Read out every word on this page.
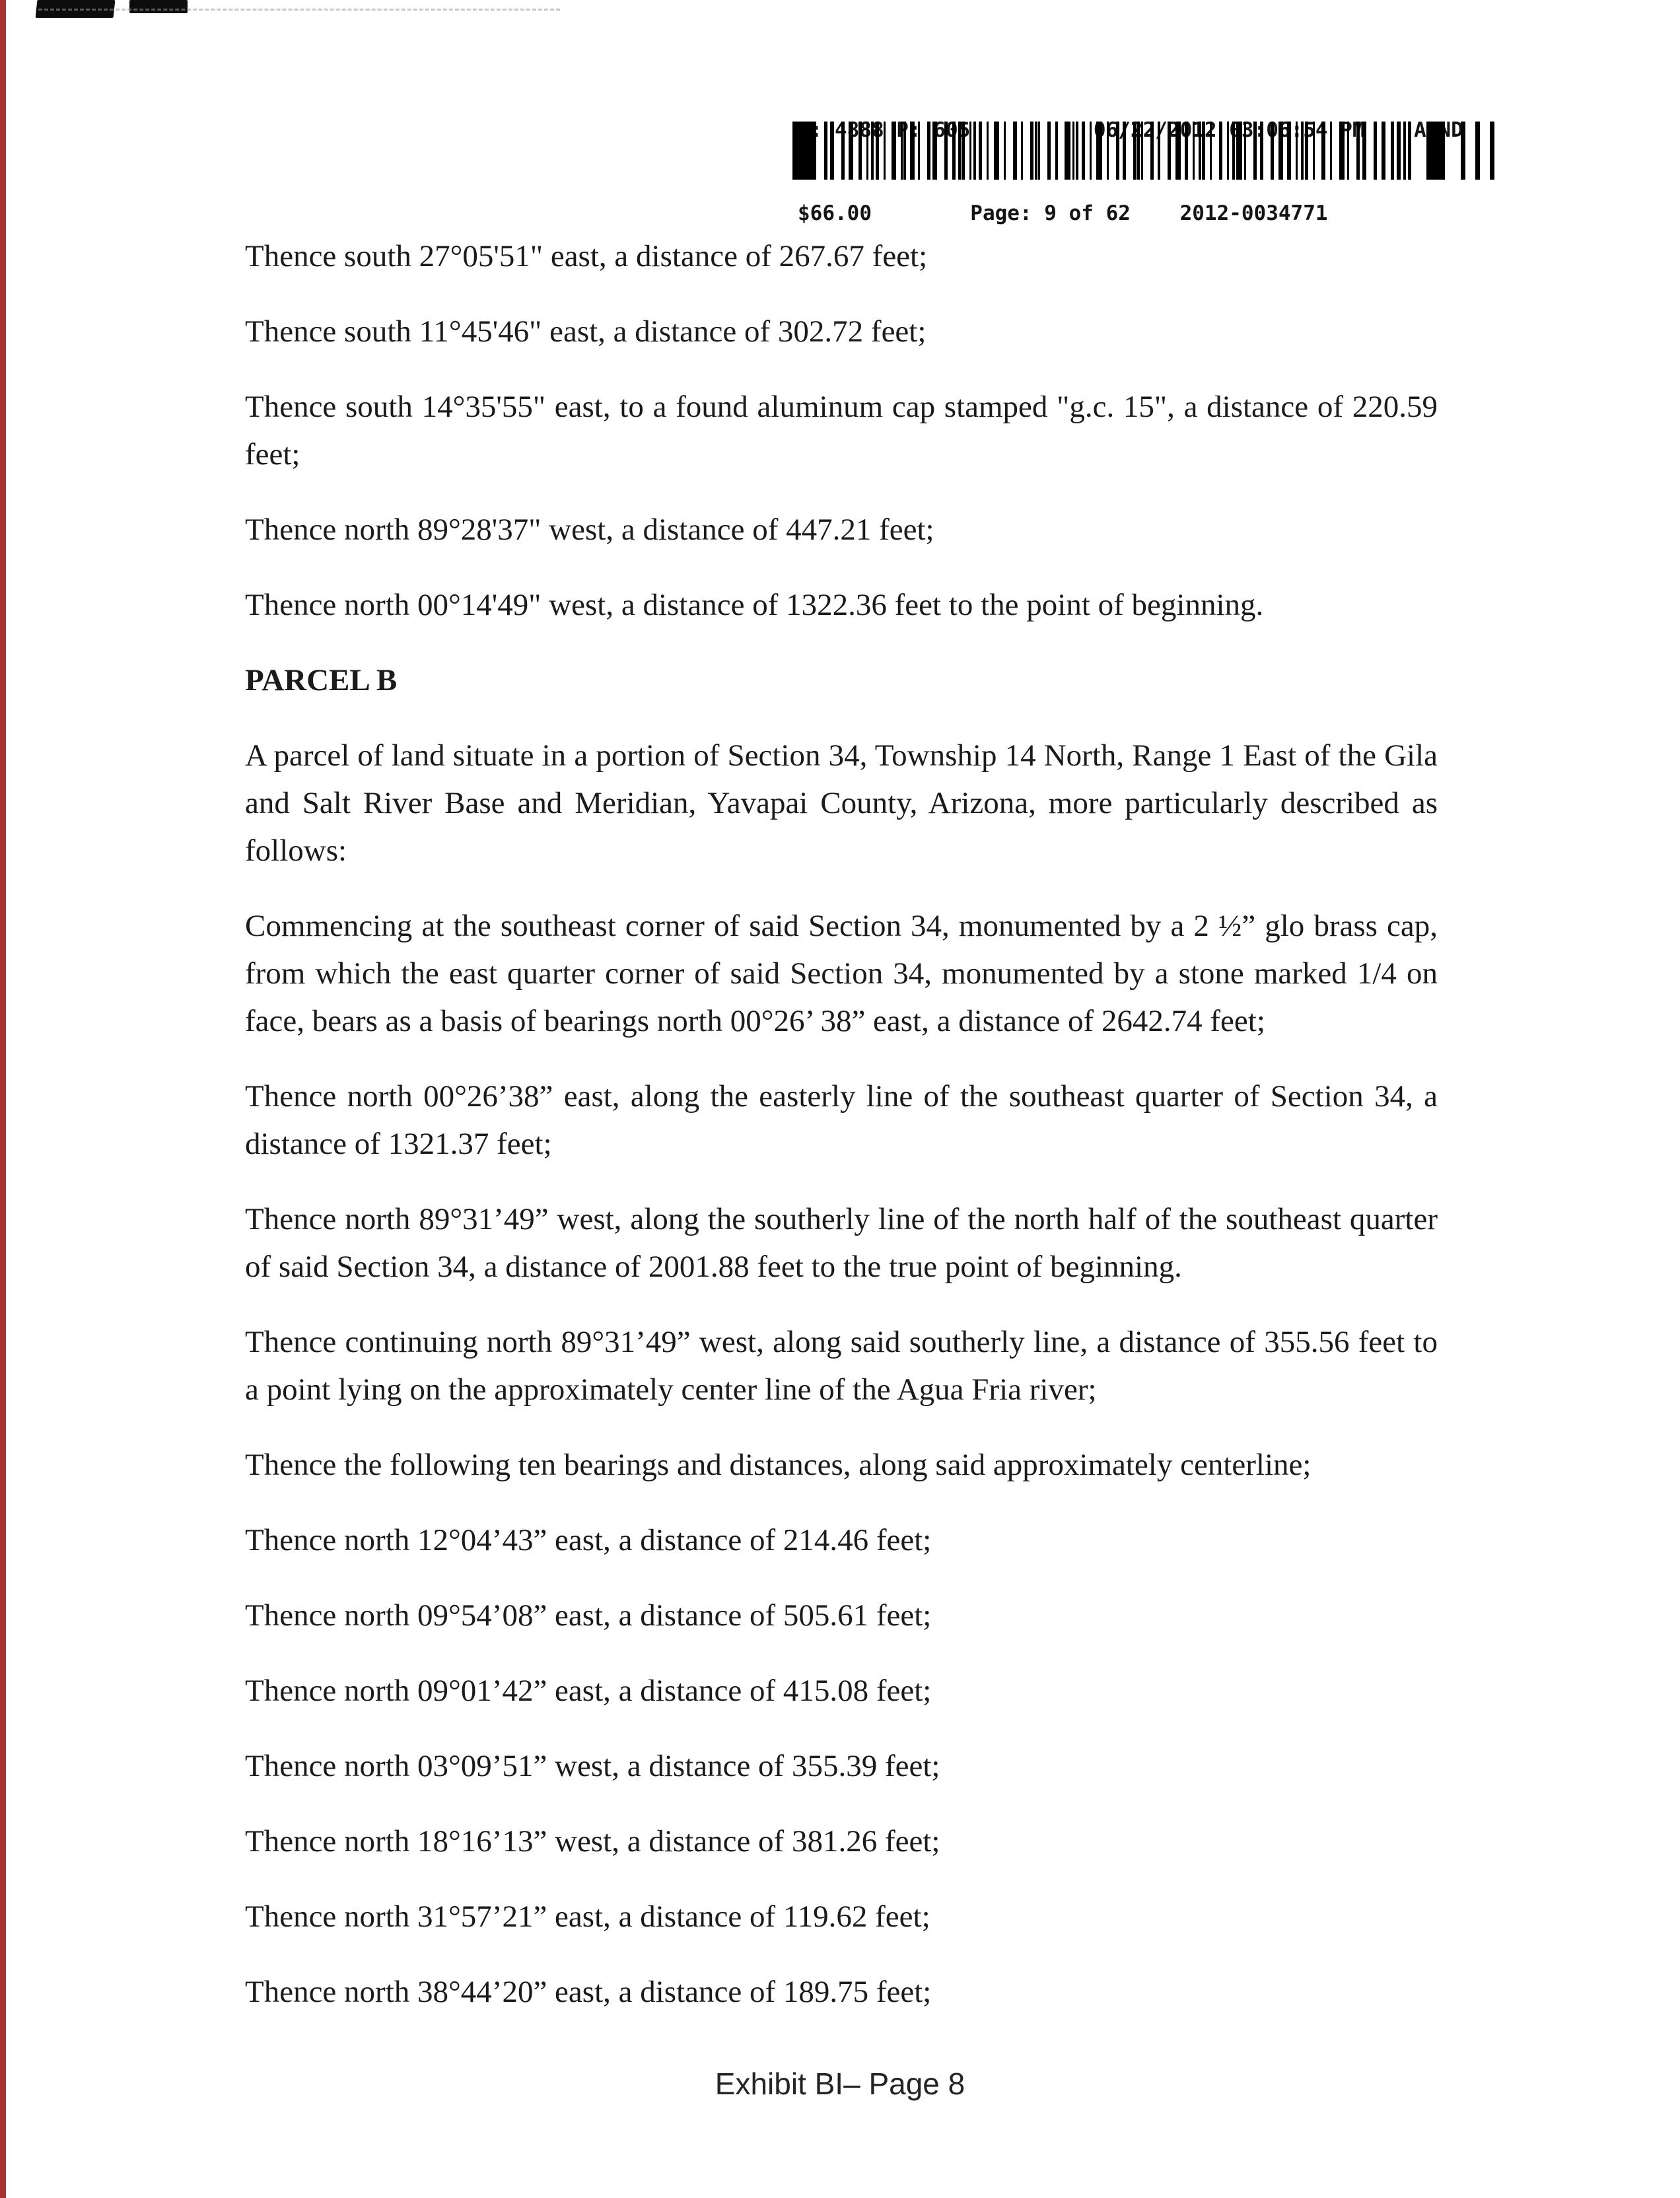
$66.00        Page: 9 of 62    2012-0034771

Thence south 27°05'51" east, a distance of 267.67 feet;
Thence south 11°45'46" east, a distance of 302.72 feet;
Thence south 14°35'55" east, to a found aluminum cap stamped "g.c. 15", a distance of 220.59 feet;
Thence north 89°28'37" west, a distance of 447.21 feet;
Thence north 00°14'49" west, a distance of 1322.36 feet to the point of beginning.
PARCEL B
A parcel of land situate in a portion of Section 34, Township 14 North, Range 1 East of the Gila and Salt River Base and Meridian, Yavapai County, Arizona, more particularly described as follows:
Commencing at the southeast corner of said Section 34, monumented by a 2 ½” glo brass cap, from which the east quarter corner of said Section 34, monumented by a stone marked 1/4 on face, bears as a basis of bearings north 00°26’ 38” east, a distance of 2642.74 feet;
Thence north 00°26’38” east, along the easterly line of the southeast quarter of Section 34, a distance of 1321.37 feet;
Thence north 89°31’49” west, along the southerly line of the north half of the southeast quarter of said Section 34, a distance of 2001.88 feet to the true point of beginning.
Thence continuing north 89°31’49” west, along said southerly line, a distance of 355.56 feet to a point lying on the approximately center line of the Agua Fria river;
Thence the following ten bearings and distances, along said approximately centerline;
Thence north 12°04’43” east, a distance of 214.46 feet;
Thence north 09°54’08” east, a distance of 505.61 feet;
Thence north 09°01’42” east, a distance of 415.08 feet;
Thence north 03°09’51” west, a distance of 355.39 feet;
Thence north 18°16’13” west, a distance of 381.26 feet;
Thence north 31°57’21” east, a distance of 119.62 feet;
Thence north 38°44’20” east, a distance of 189.75 feet;
Exhibit BI– Page 8
